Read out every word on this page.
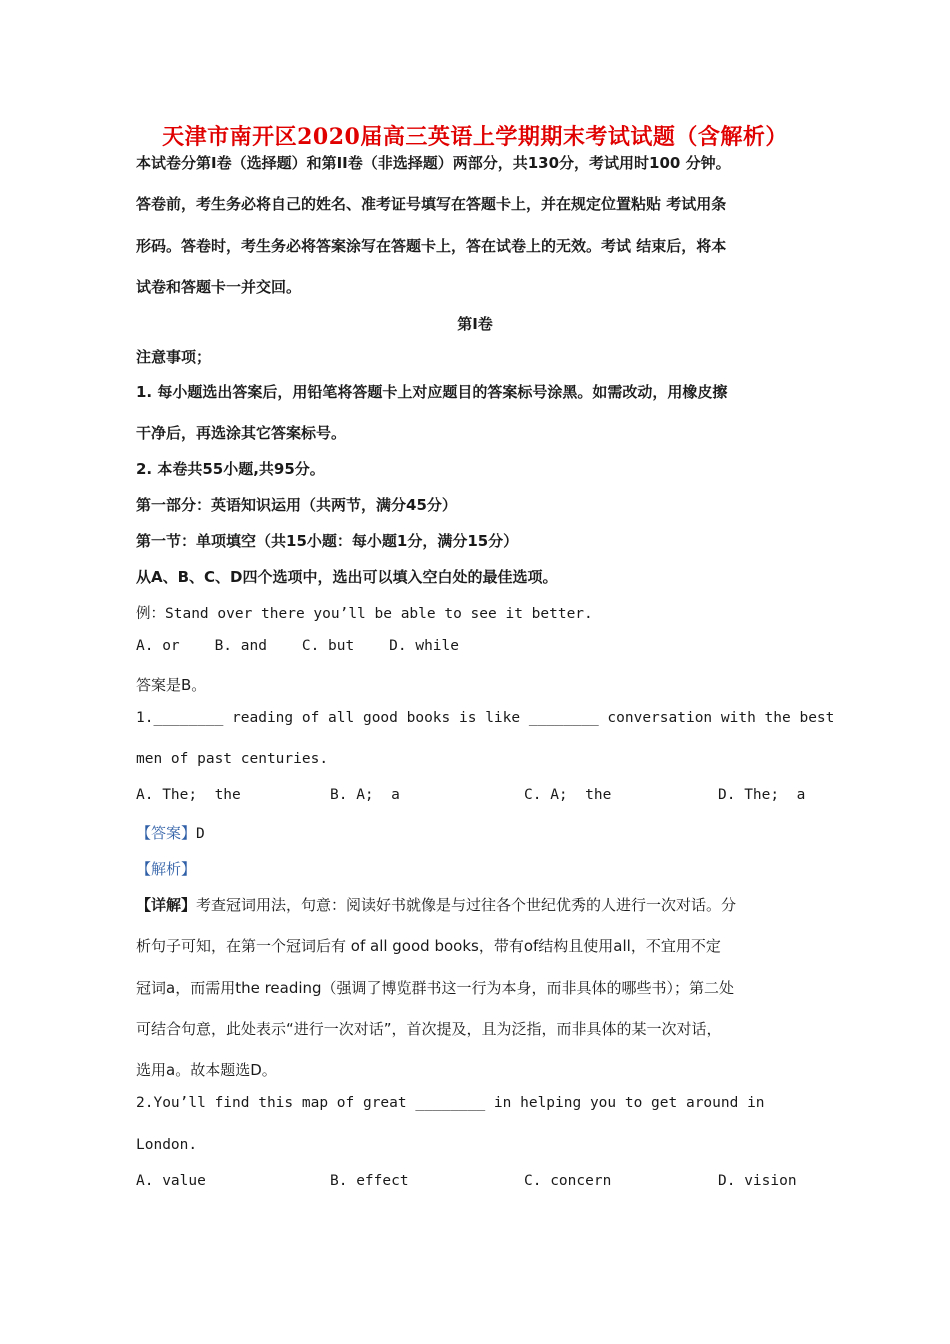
天津市南开区2020届高三英语上学期期末考试试题（含解析）
本试卷分第I卷（选择题）和第II卷（非选择题）两部分，共130分，考试用时100 分钟。
答卷前，考生务必将自己的姓名、准考证号填写在答题卡上，并在规定位置粘贴 考试用条
形码。答卷时，考生务必将答案涂写在答题卡上，答在试卷上的无效。考试 结束后，将本
试卷和答题卡一并交回。
第I卷
注意事项；
1. 每小题选出答案后，用铅笔将答题卡上对应题目的答案标号涂黑。如需改动，用橡皮擦
干净后，再选涂其它答案标号。
2. 本卷共55小题,共95分。
第一部分：英语知识运用（共两节，满分45分）
第一节：单项填空（共15小题：每小题1分，满分15分）
从A、B、C、D四个选项中，选出可以填入空白处的最佳选项。
例：Stand over there you’ll be able to see it better.
A. or    B. and    C. but    D. while
答案是B。
1.________ reading of all good books is like ________ conversation with the best
men of past centuries.
A. The;  the	B. A;  a	C. A;  the	D. The;  a
【答案】D
【解析】
【详解】考查冠词用法，句意：阅读好书就像是与过往各个世纪优秀的人进行一次对话。分
析句子可知，在第一个冠词后有 of all good books，带有of结构且使用all，不宜用不定
冠词a，而需用the reading（强调了博览群书这一行为本身，而非具体的哪些书）；第二处
可结合句意，此处表示“进行一次对话”，首次提及，且为泛指，而非具体的某一次对话，
选用a。故本题选D。
2.You’ll find this map of great ________ in helping you to get around in
London.
A. value	B. effect	C. concern	D. vision
